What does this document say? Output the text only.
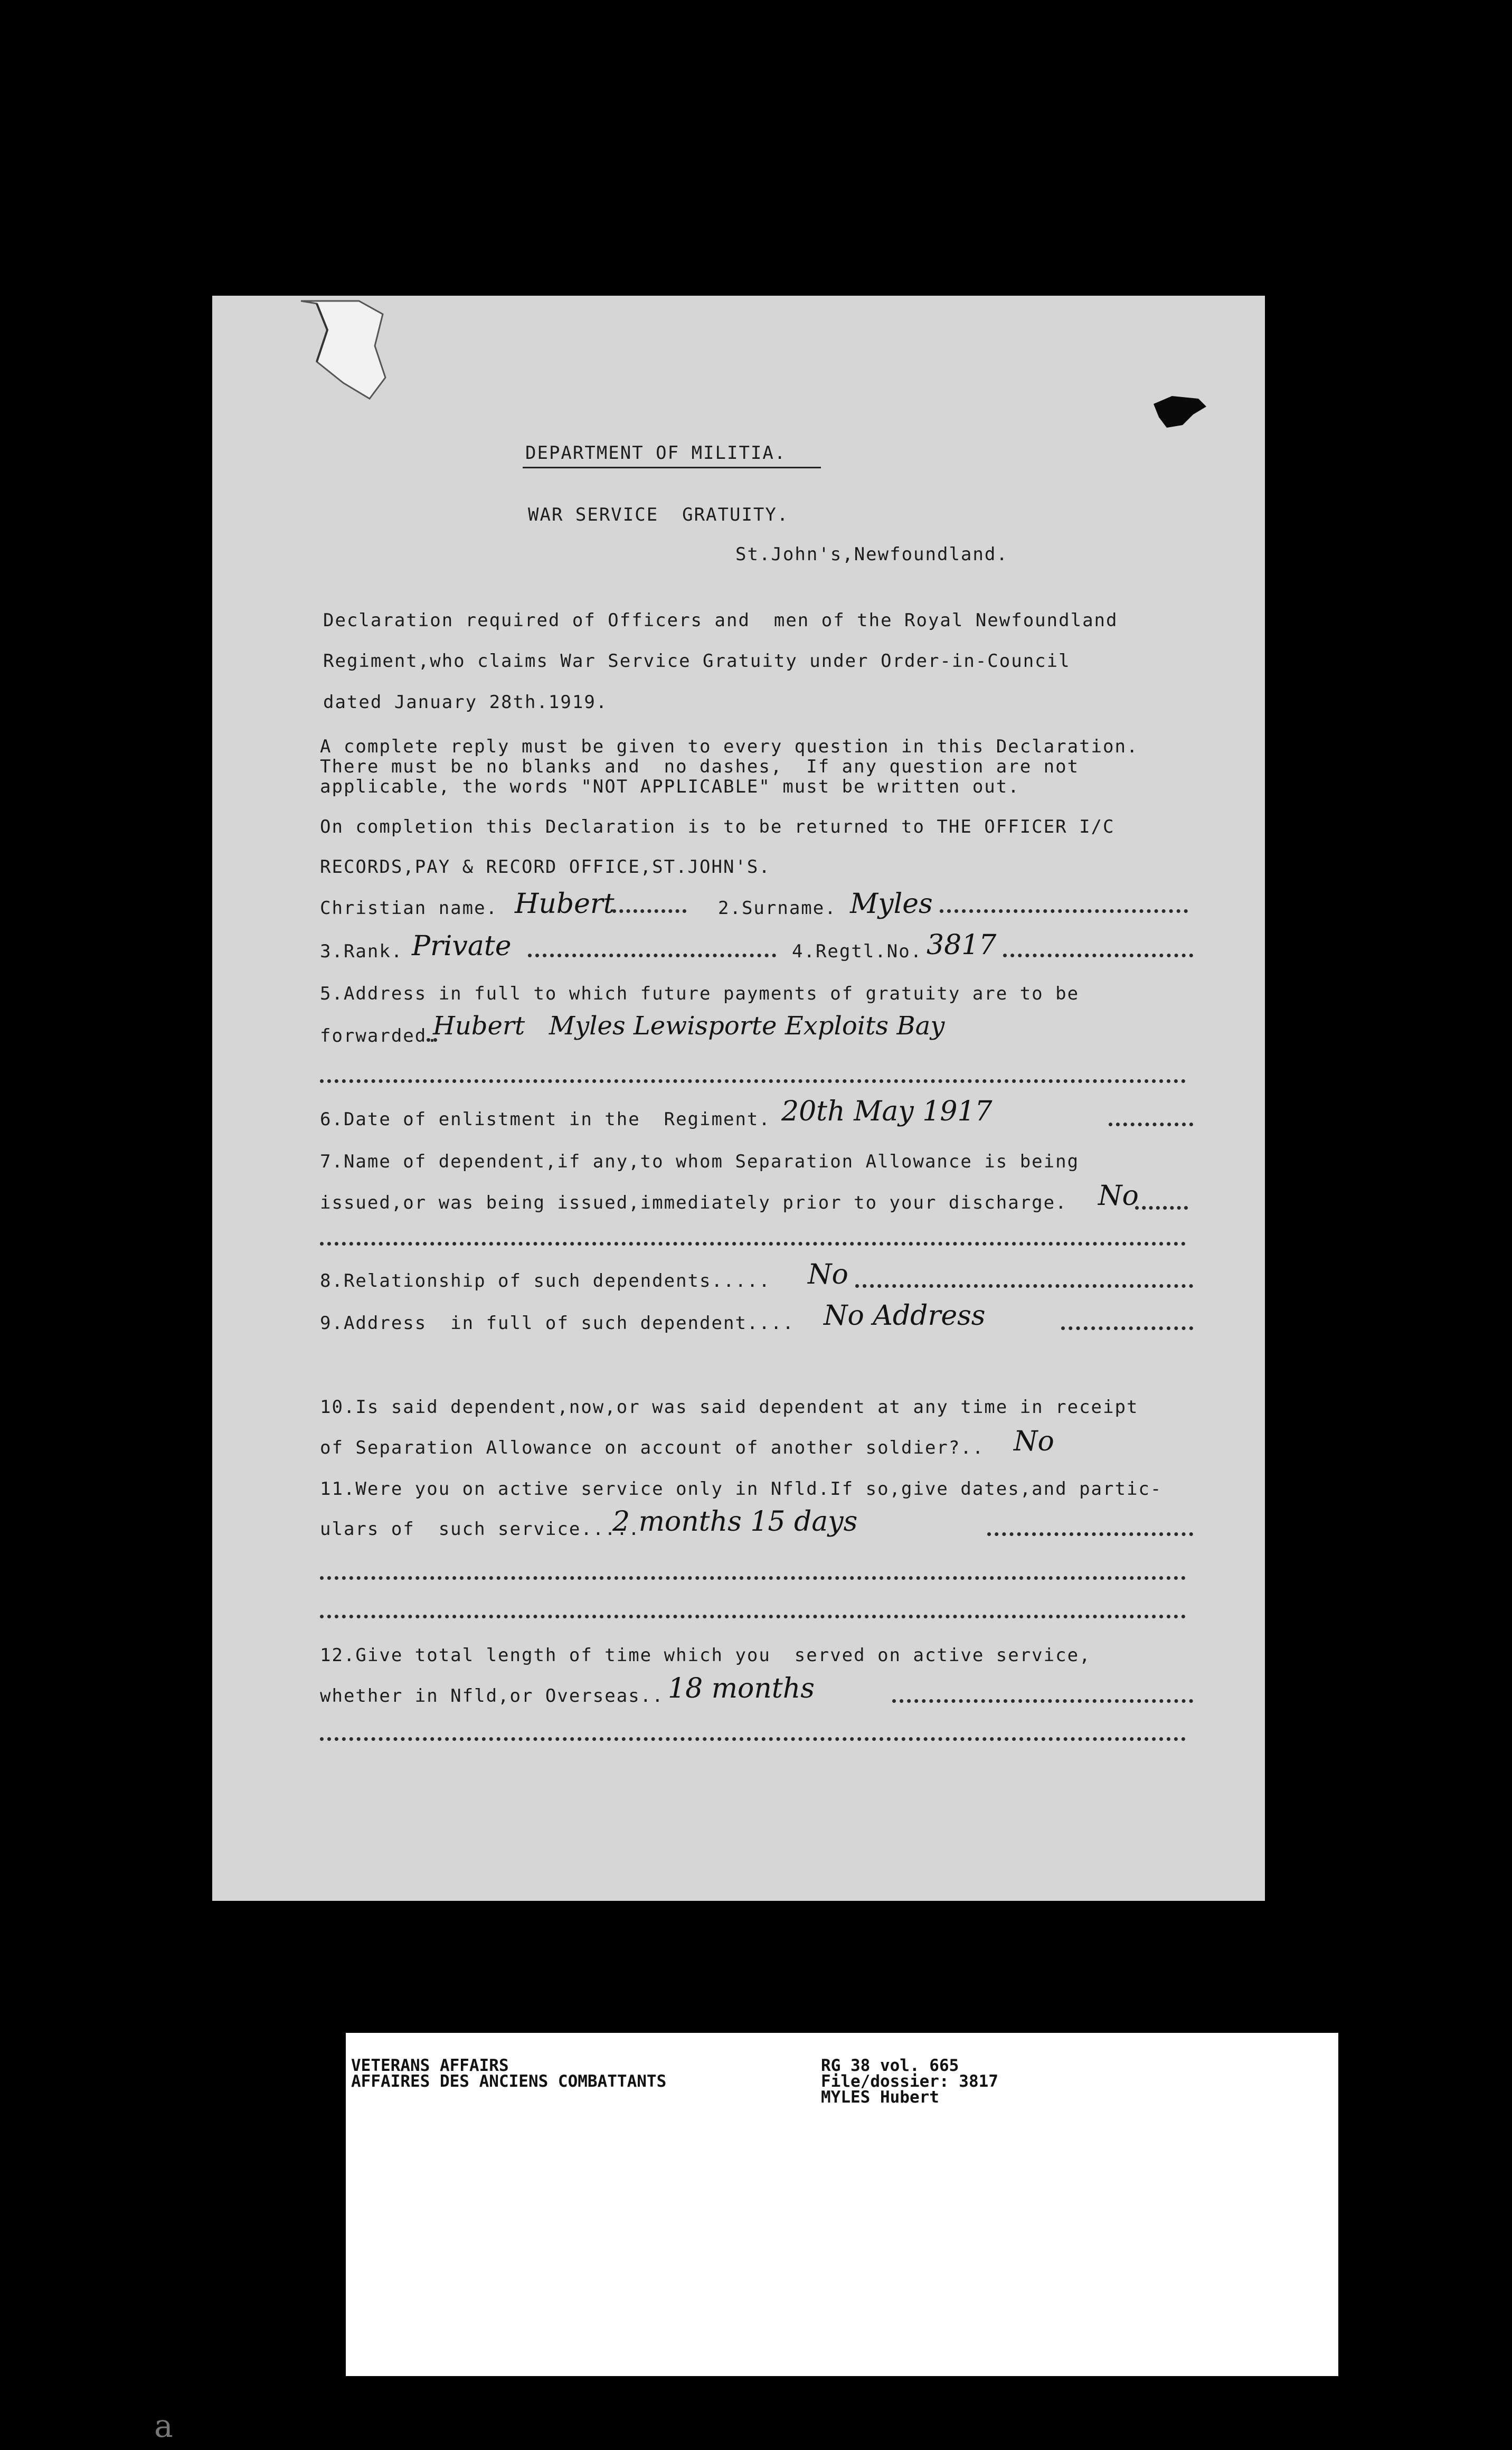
DEPARTMENT OF MILITIA.
WAR SERVICE  GRATUITY.
St.John's,Newfoundland.
Declaration required of Officers and  men of the Royal Newfoundland
Regiment,who claims War Service Gratuity under Order-in-Council
dated January 28th.1919.
A complete reply must be given to every question in this Declaration.
There must be no blanks and  no dashes,  If any question are not
applicable, the words "NOT APPLICABLE" must be written out.
On completion this Declaration is to be returned to THE OFFICER I/C
RECORDS,PAY & RECORD OFFICE,ST.JOHN'S.
Christian name. Hubert	2.Surname. Myles
3.Rank. Private	4.Regtl.No. 3817
5.Address in full to which future payments of gratuity are to be
forwarded.
Hubert   Myles Lewisporte Exploits Bay
6.Date of enlistment in the  Regiment. 20th May 1917
7.Name of dependent,if any,to whom Separation Allowance is being
issued,or was being issued,immediately prior to your discharge. No
8.Relationship of such dependents..... No
9.Address  in full of such dependent.... No Address
10.Is said dependent,now,or was said dependent at any time in receipt
of Separation Allowance on account of another soldier?.. No
11.Were you on active service only in Nfld.If so,give dates,and partic-
ulars of  such service.....
2 months 15 days
12.Give total length of time which you  served on active service,
whether in Nfld,or Overseas.. 18 months
VETERANS AFFAIRS
AFFAIRES DES ANCIENS COMBATTANTS
RG 38 vol. 665
File/dossier: 3817
MYLES Hubert
a
